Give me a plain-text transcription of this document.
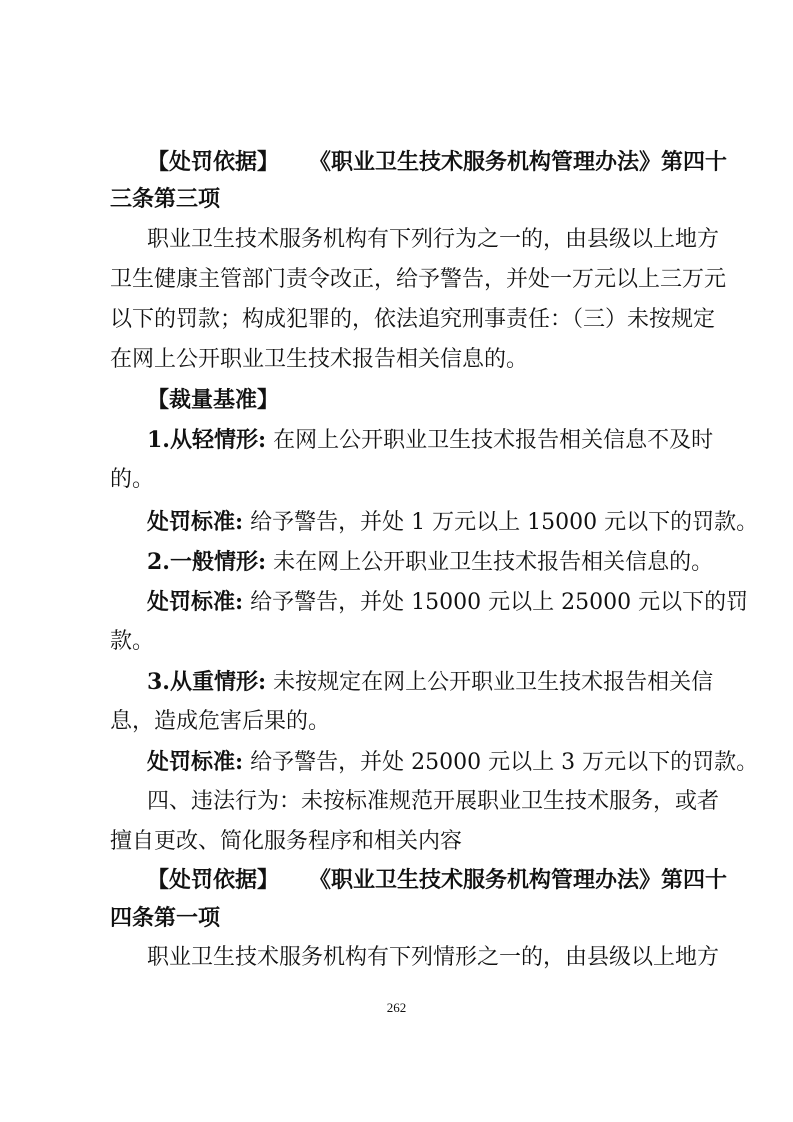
【处罚依据】 《职业卫生技术服务机构管理办法》第四十
三条第三项
职业卫生技术服务机构有下列行为之一的，由县级以上地方
卫生健康主管部门责令改正，给予警告，并处一万元以上三万元
以下的罚款；构成犯罪的，依法追究刑事责任：（三）未按规定
在网上公开职业卫生技术报告相关信息的。
【裁量基准】
1.从轻情形: 在网上公开职业卫生技术报告相关信息不及时
的。
处罚标准: 给予警告，并处 1 万元以上 15000 元以下的罚款。
2.一般情形: 未在网上公开职业卫生技术报告相关信息的。
处罚标准: 给予警告，并处 15000 元以上 25000 元以下的罚
款。
3.从重情形: 未按规定在网上公开职业卫生技术报告相关信
息，造成危害后果的。
处罚标准: 给予警告，并处 25000 元以上 3 万元以下的罚款。
四、违法行为：未按标准规范开展职业卫生技术服务，或者
擅自更改、简化服务程序和相关内容
【处罚依据】 《职业卫生技术服务机构管理办法》第四十
四条第一项
职业卫生技术服务机构有下列情形之一的，由县级以上地方
262
